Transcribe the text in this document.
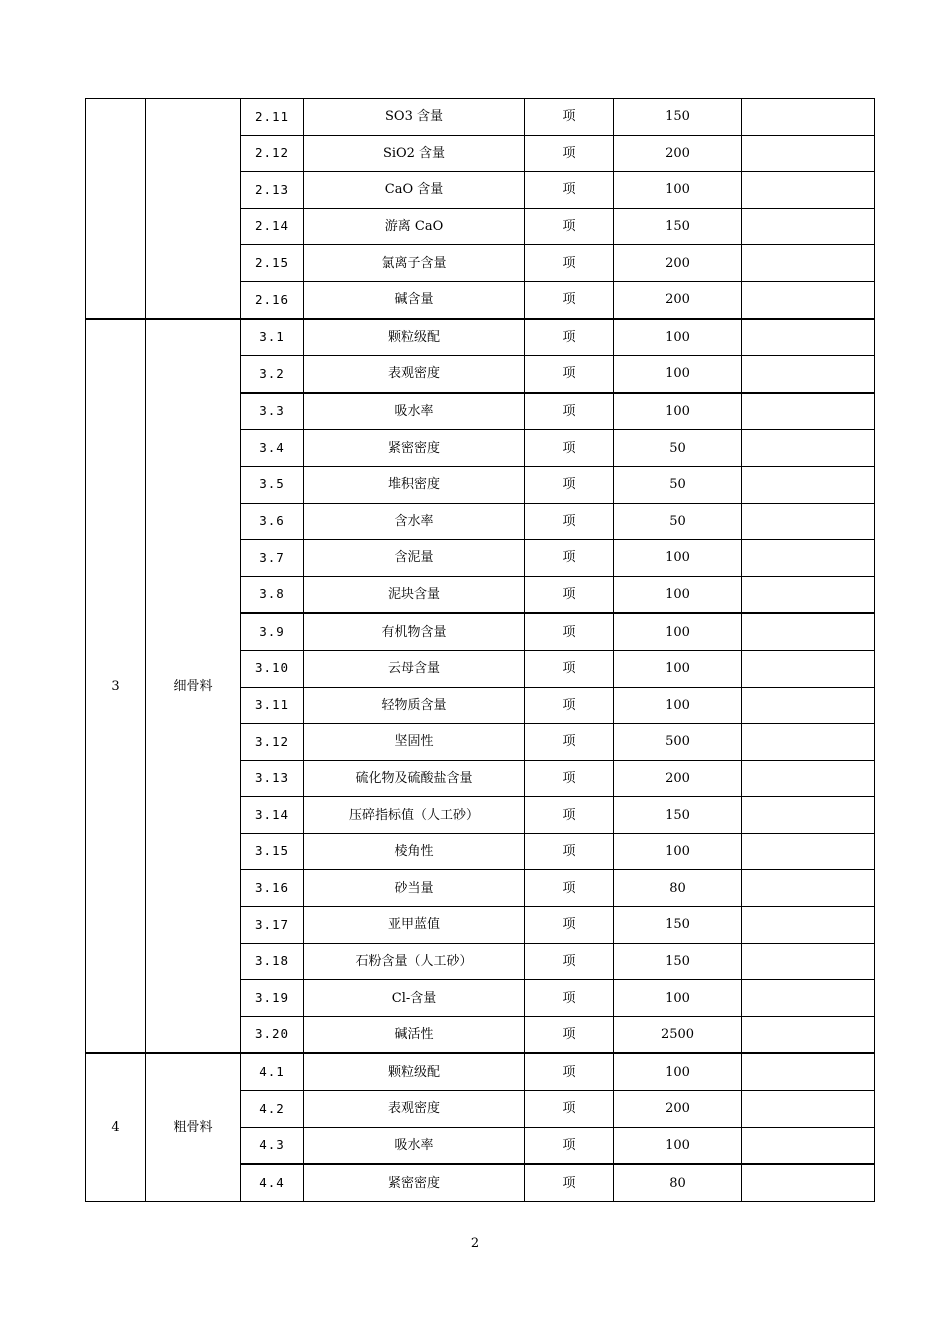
		2.11	SO3 含量	项	150	
		2.12	SiO2 含量	项	200	
		2.13	CaO 含量	项	100	
		2.14	游离 CaO	项	150	
		2.15	氯离子含量	项	200	
		2.16	碱含量	项	200	
3	细骨料	3.1	颗粒级配	项	100	
		3.2	表观密度	项	100	
		3.3	吸水率	项	100	
		3.4	紧密密度	项	50	
		3.5	堆积密度	项	50	
		3.6	含水率	项	50	
		3.7	含泥量	项	100	
		3.8	泥块含量	项	100	
		3.9	有机物含量	项	100	
		3.10	云母含量	项	100	
		3.11	轻物质含量	项	100	
		3.12	坚固性	项	500	
		3.13	硫化物及硫酸盐含量	项	200	
		3.14	压碎指标值（人工砂）	项	150	
		3.15	棱角性	项	100	
		3.16	砂当量	项	80	
		3.17	亚甲蓝值	项	150	
		3.18	石粉含量（人工砂）	项	150	
		3.19	Cl-含量	项	100	
		3.20	碱活性	项	2500	
4	粗骨料	4.1	颗粒级配	项	100	
		4.2	表观密度	项	200	
		4.3	吸水率	项	100	
		4.4	紧密密度	项	80	
2
